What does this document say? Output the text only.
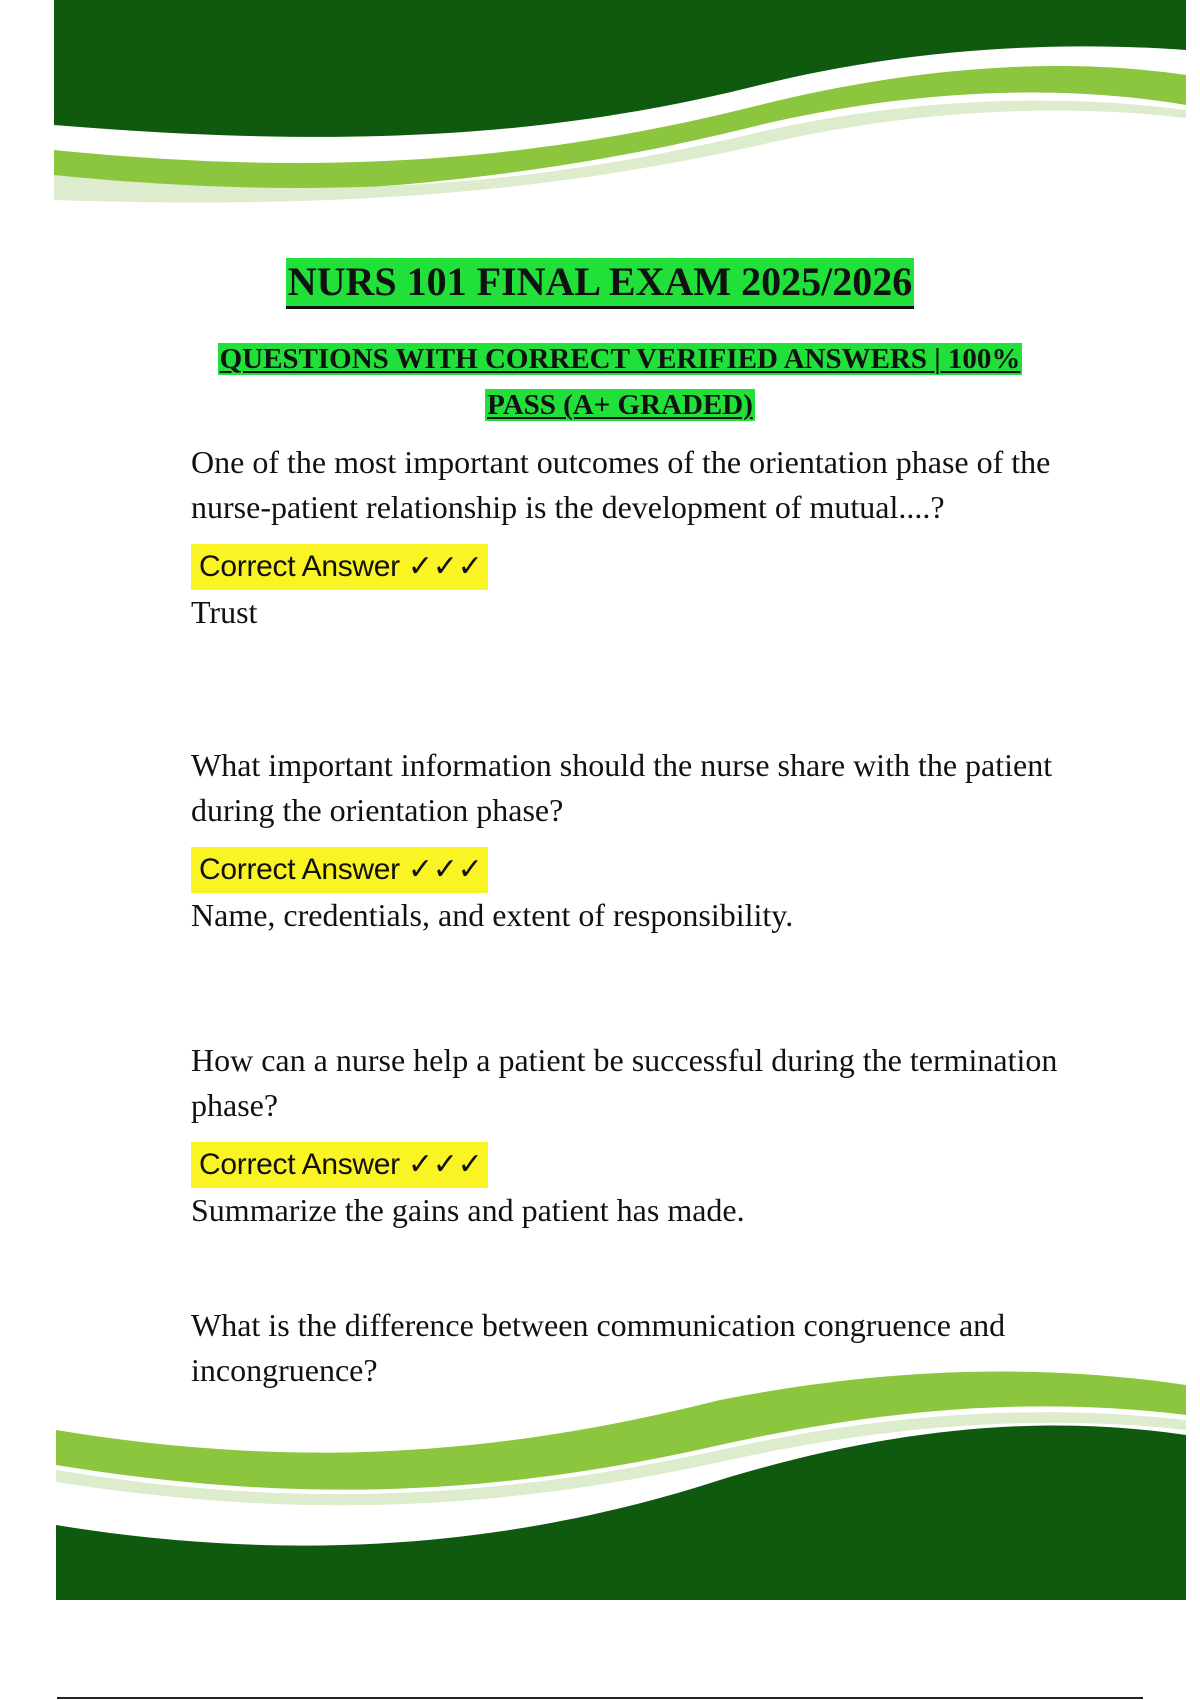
NURS 101 FINAL EXAM 2025/2026
QUESTIONS WITH CORRECT VERIFIED ANSWERS | 100% PASS (A+ GRADED)

One of the most important outcomes of the orientation phase of the nurse-patient relationship is the development of mutual....?

Correct Answer ✓✓✓

Trust

What important information should the nurse share with the patient during the orientation phase?

Correct Answer ✓✓✓

Name, credentials, and extent of responsibility.

How can a nurse help a patient be successful during the termination phase?

Correct Answer ✓✓✓

Summarize the gains and patient has made.

What is the difference between communication congruence and incongruence?
